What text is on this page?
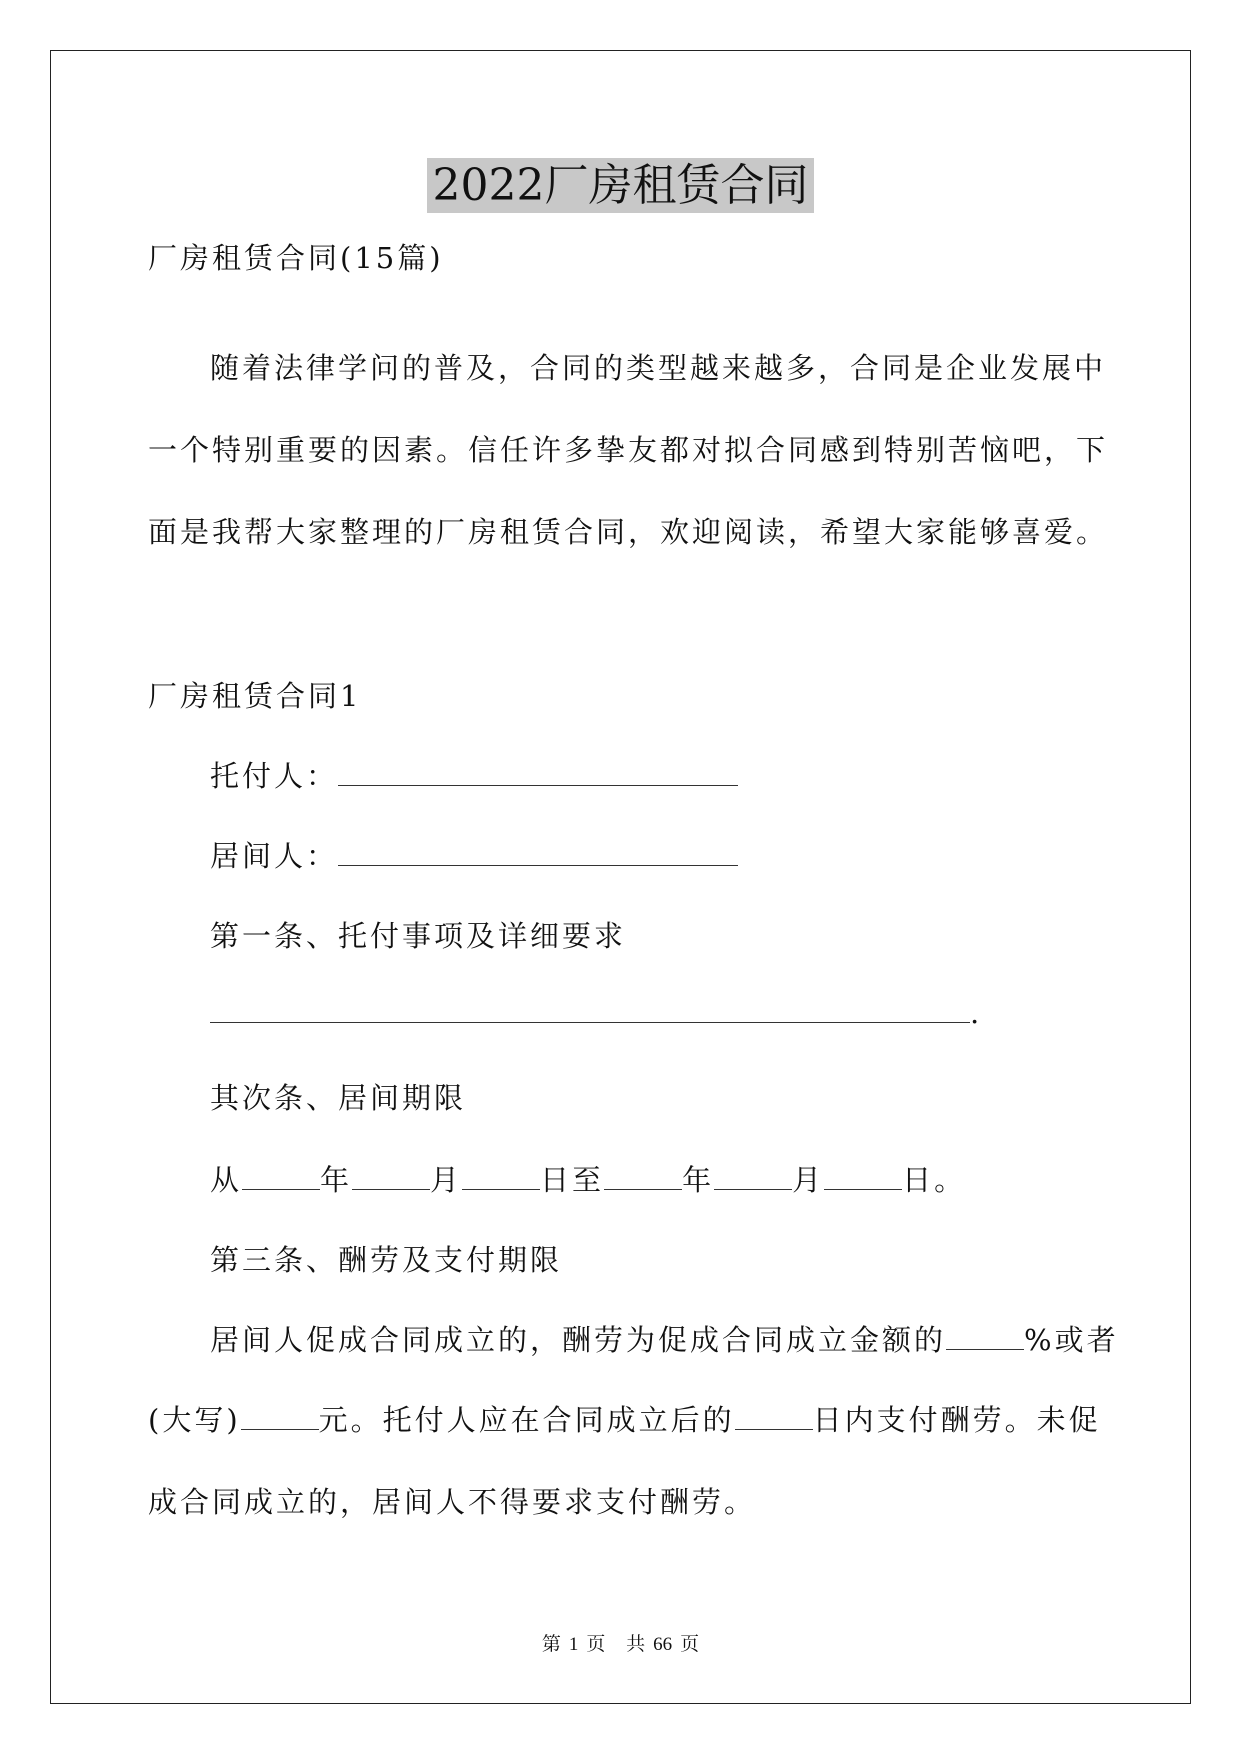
2022厂房租赁合同
厂房租赁合同(15篇)
随着法律学问的普及，合同的类型越来越多，合同是企业发展中
一个特别重要的因素。信任许多挚友都对拟合同感到特别苦恼吧，下
面是我帮大家整理的厂房租赁合同，欢迎阅读，希望大家能够喜爱。
厂房租赁合同1
托付人：
居间人：
第一条、托付事项及详细要求
.
其次条、居间期限
从	年	月	日至	年	月	日。
第三条、酬劳及支付期限
居间人促成合同成立的，酬劳为促成合同成立金额的	%或者
(大写)	元。托付人应在合同成立后的	日内支付酬劳。未促
成合同成立的，居间人不得要求支付酬劳。
第 1 页 共 66 页
